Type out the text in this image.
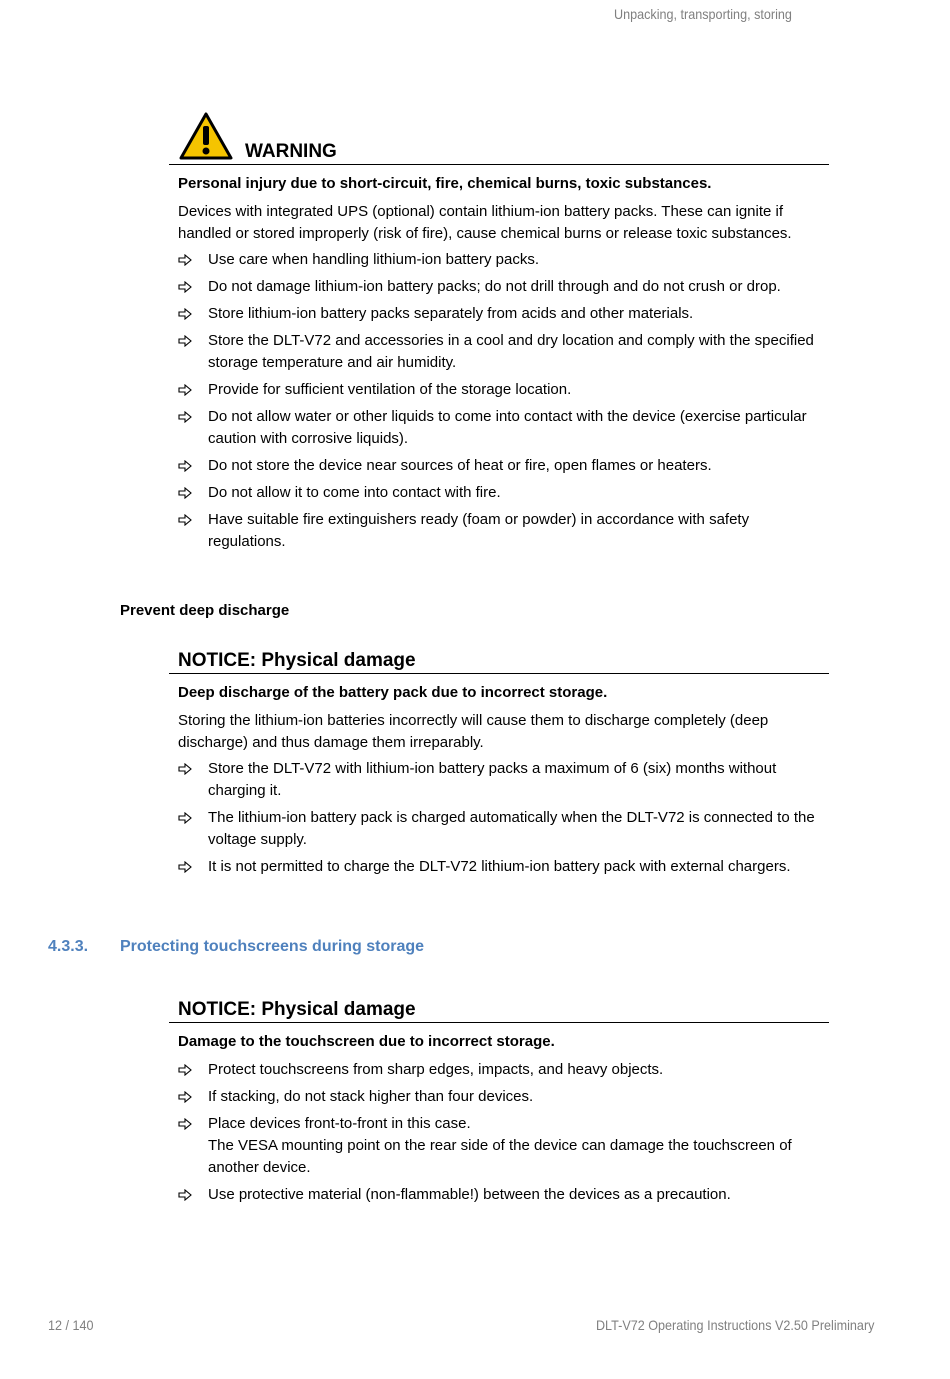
Unpacking, transporting, storing
WARNING
Personal injury due to short-circuit, fire, chemical burns, toxic substances.
Devices with integrated UPS (optional) contain lithium-ion battery packs. These can ignite if handled or stored improperly (risk of fire), cause chemical burns or release toxic substances.
Use care when handling lithium-ion battery packs.
Do not damage lithium-ion battery packs; do not drill through and do not crush or drop.
Store lithium-ion battery packs separately from acids and other materials.
Store the DLT-V72 and accessories in a cool and dry location and comply with the specified storage temperature and air humidity.
Provide for sufficient ventilation of the storage location.
Do not allow water or other liquids to come into contact with the device (exercise particular caution with corrosive liquids).
Do not store the device near sources of heat or fire, open flames or heaters.
Do not allow it to come into contact with fire.
Have suitable fire extinguishers ready (foam or powder) in accordance with safety regulations.
Prevent deep discharge
NOTICE: Physical damage
Deep discharge of the battery pack due to incorrect storage.
Storing the lithium-ion batteries incorrectly will cause them to discharge completely (deep discharge) and thus damage them irreparably.
Store the DLT-V72 with lithium-ion battery packs a maximum of 6 (six) months without charging it.
The lithium-ion battery pack is charged automatically when the DLT-V72 is connected to the voltage supply.
It is not permitted to charge the DLT-V72 lithium-ion battery pack with external chargers.
4.3.3. Protecting touchscreens during storage
NOTICE: Physical damage
Damage to the touchscreen due to incorrect storage.
Protect touchscreens from sharp edges, impacts, and heavy objects.
If stacking, do not stack higher than four devices.
Place devices front-to-front in this case.
The VESA mounting point on the rear side of the device can damage the touchscreen of another device.
Use protective material (non-flammable!) between the devices as a precaution.
12 / 140	DLT-V72 Operating Instructions V2.50 Preliminary
